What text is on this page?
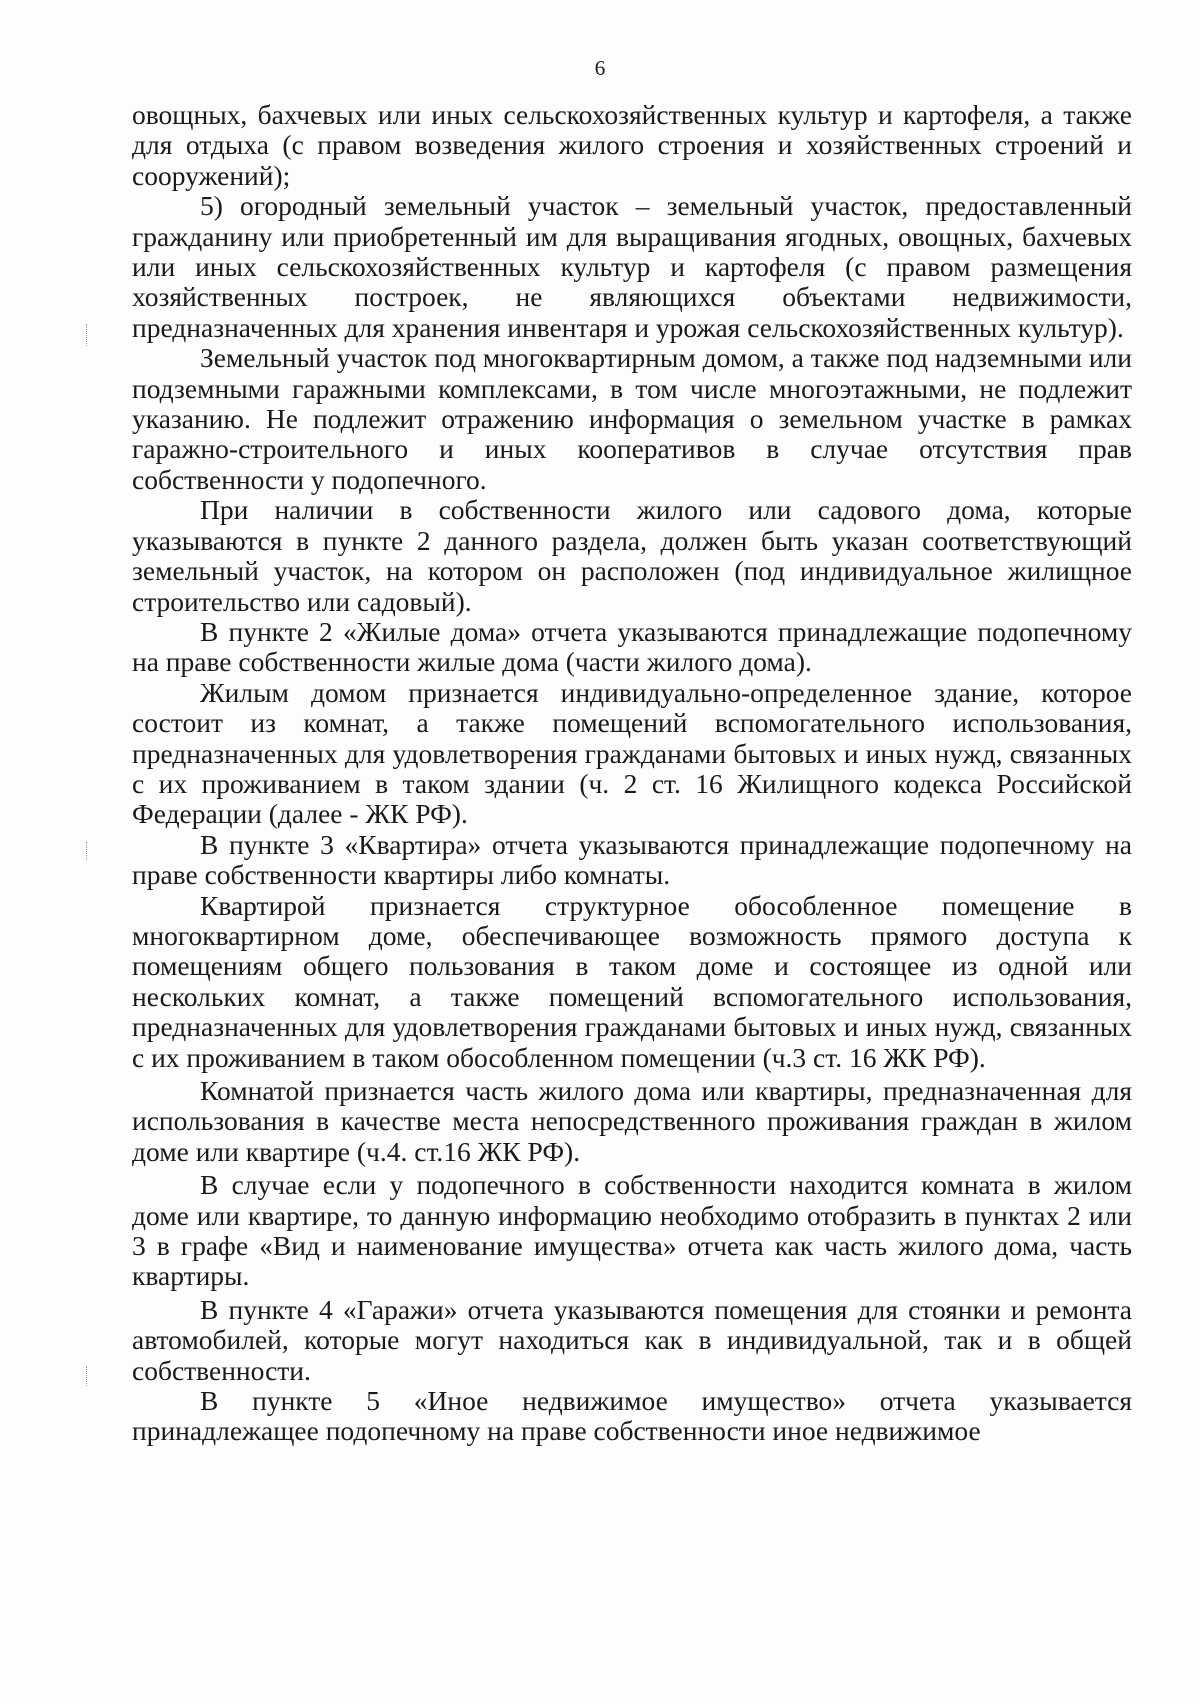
6

овощных, бахчевых или иных сельскохозяйственных культур и картофеля, а также для отдыха (с правом возведения жилого строения и хозяйственных строений и сооружений);

5) огородный земельный участок – земельный участок, предоставленный гражданину или приобретенный им для выращивания ягодных, овощных, бахчевых или иных сельскохозяйственных культур и картофеля (с правом размещения хозяйственных построек, не являющихся объектами недвижимости, предназначенных для хранения инвентаря и урожая сельскохозяйственных культур).

Земельный участок под многоквартирным домом, а также под надземными или подземными гаражными комплексами, в том числе многоэтажными, не подлежит указанию. Не подлежит отражению информация о земельном участке в рамках гаражно-строительного и иных кооперативов в случае отсутствия прав собственности у подопечного.

При наличии в собственности жилого или садового дома, которые указываются в пункте 2 данного раздела, должен быть указан соответствующий земельный участок, на котором он расположен (под индивидуальное жилищное строительство или садовый).

В пункте 2 «Жилые дома» отчета указываются принадлежащие подопечному на праве собственности жилые дома (части жилого дома).

Жилым домом признается индивидуально-определенное здание, которое состоит из комнат, а также помещений вспомогательного использования, предназначенных для удовлетворения гражданами бытовых и иных нужд, связанных с их проживанием в таком здании (ч. 2 ст. 16 Жилищного кодекса Российской Федерации (далее - ЖК РФ).

В пункте 3 «Квартира» отчета указываются принадлежащие подопечному на праве собственности квартиры либо комнаты.

Квартирой признается структурное обособленное помещение в многоквартирном доме, обеспечивающее возможность прямого доступа к помещениям общего пользования в таком доме и состоящее из одной или нескольких комнат, а также помещений вспомогательного использования, предназначенных для удовлетворения гражданами бытовых и иных нужд, связанных с их проживанием в таком обособленном помещении (ч.3 ст. 16 ЖК РФ).

Комнатой признается часть жилого дома или квартиры, предназначенная для использования в качестве места непосредственного проживания граждан в жилом доме или квартире (ч.4. ст.16 ЖК РФ).

В случае если у подопечного в собственности находится комната в жилом доме или квартире, то данную информацию необходимо отобразить в пунктах 2 или 3 в графе «Вид и наименование имущества» отчета как часть жилого дома, часть квартиры.

В пункте 4 «Гаражи» отчета указываются помещения для стоянки и ремонта автомобилей, которые могут находиться как в индивидуальной, так и в общей собственности.

В пункте 5 «Иное недвижимое имущество» отчета указывается принадлежащее подопечному на праве собственности иное недвижимое
